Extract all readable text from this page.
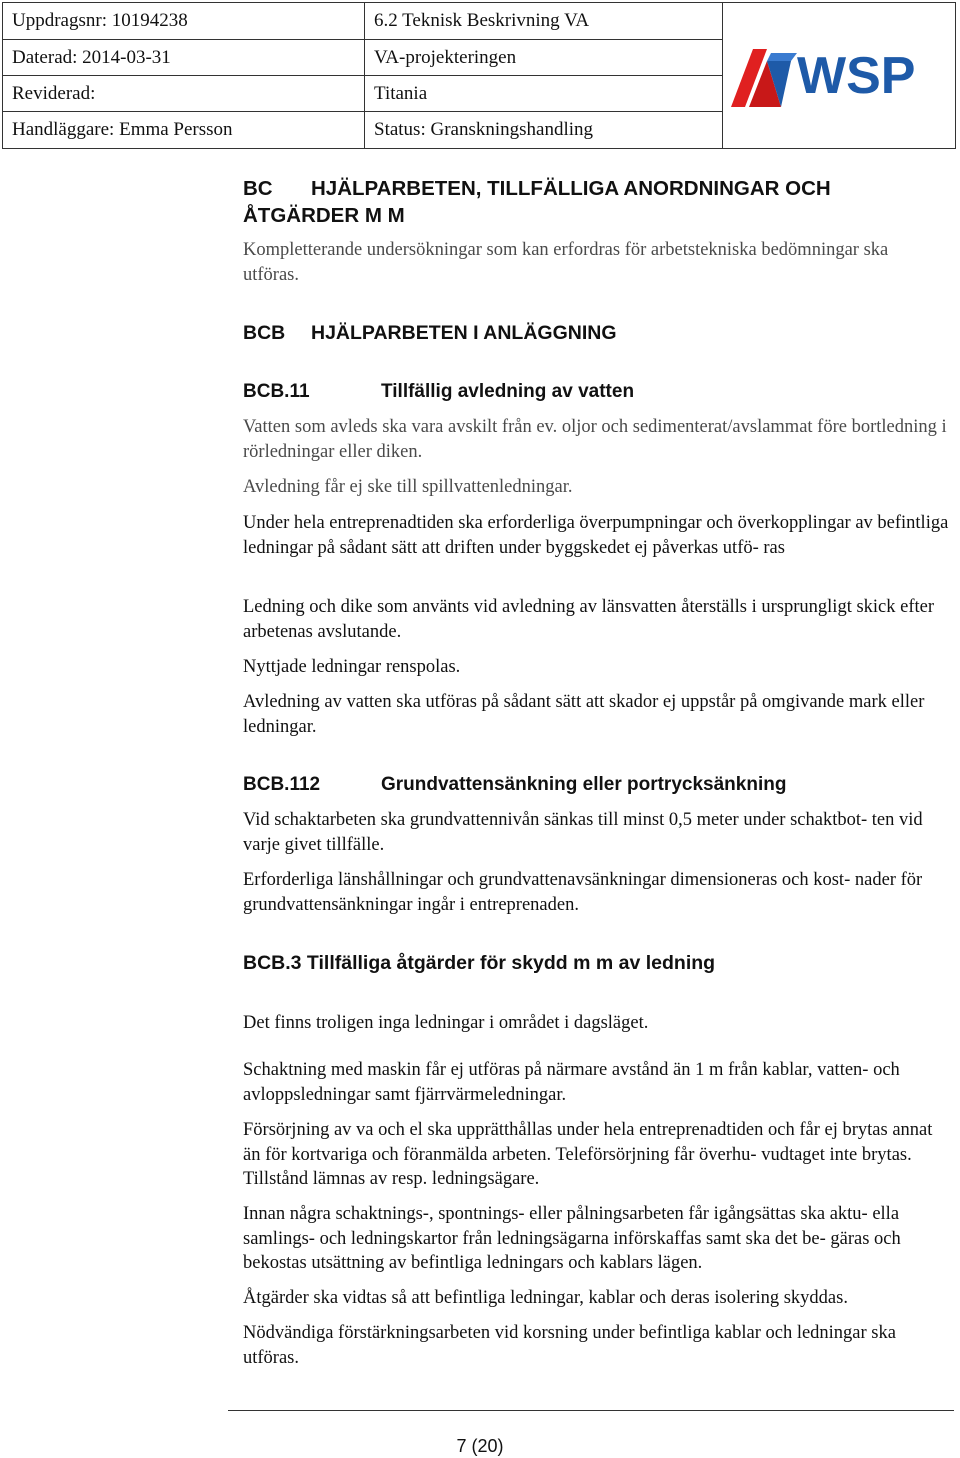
Uppdragsnr: 10194238
Daterad: 2014-03-31
Reviderad:
Handläggare: Emma Persson
6.2 Teknisk Beskrivning VA
VA-projekteringen
Titania
Status: Granskningshandling
WSP
BC HJÄLPARBETEN, TILLFÄLLIGA ANORDNINGAR OCH
ÅTGÄRDER M M

Kompletterande undersökningar som kan erfordras för arbetstekniska bedömningar ska utföras.

BCB HJÄLPARBETEN I ANLÄGGNING
BCB.11	Tillfällig avledning av vatten

Vatten som avleds ska vara avskilt från ev. oljor och sedimenterat/avslammat före bortledning i rörledningar eller diken.

Avledning får ej ske till spillvattenledningar.

Under hela entreprenadtiden ska erforderliga överpumpningar och överkopplingar av befintliga ledningar på sådant sätt att driften under byggskedet ej påverkas utfö- ras

Ledning och dike som använts vid avledning av länsvatten återställs i ursprungligt skick efter arbetenas avslutande.

Nyttjade ledningar renspolas.

Avledning av vatten ska utföras på sådant sätt att skador ej uppstår på omgivande mark eller ledningar.

BCB.112	Grundvattensänkning eller portrycksänkning

Vid schaktarbeten ska grundvattennivån sänkas till minst 0,5 meter under schaktbot- ten vid varje givet tillfälle.

Erforderliga länshållningar och grundvattenavsänkningar dimensioneras och kost- nader för grundvattensänkningar ingår i entreprenaden.

BCB.3 Tillfälliga åtgärder för skydd m m av ledning

Det finns troligen inga ledningar i området i dagsläget.

Schaktning med maskin får ej utföras på närmare avstånd än 1 m från kablar, vatten- och avloppsledningar samt fjärrvärmeledningar.

Försörjning av va och el ska upprätthållas under hela entreprenadtiden och får ej brytas annat än för kortvariga och föranmälda arbeten. Teleförsörjning får överhu- vudtaget inte brytas. Tillstånd lämnas av resp. ledningsägare.

Innan några schaktnings-, spontnings- eller pålningsarbeten får igångsättas ska aktu- ella samlings- och ledningskartor från ledningsägarna införskaffas samt ska det be- gäras och bekostas utsättning av befintliga ledningars och kablars lägen.

Åtgärder ska vidtas så att befintliga ledningar, kablar och deras isolering skyddas.

Nödvändiga förstärkningsarbeten vid korsning under befintliga kablar och ledningar ska utföras.

7 (20)
